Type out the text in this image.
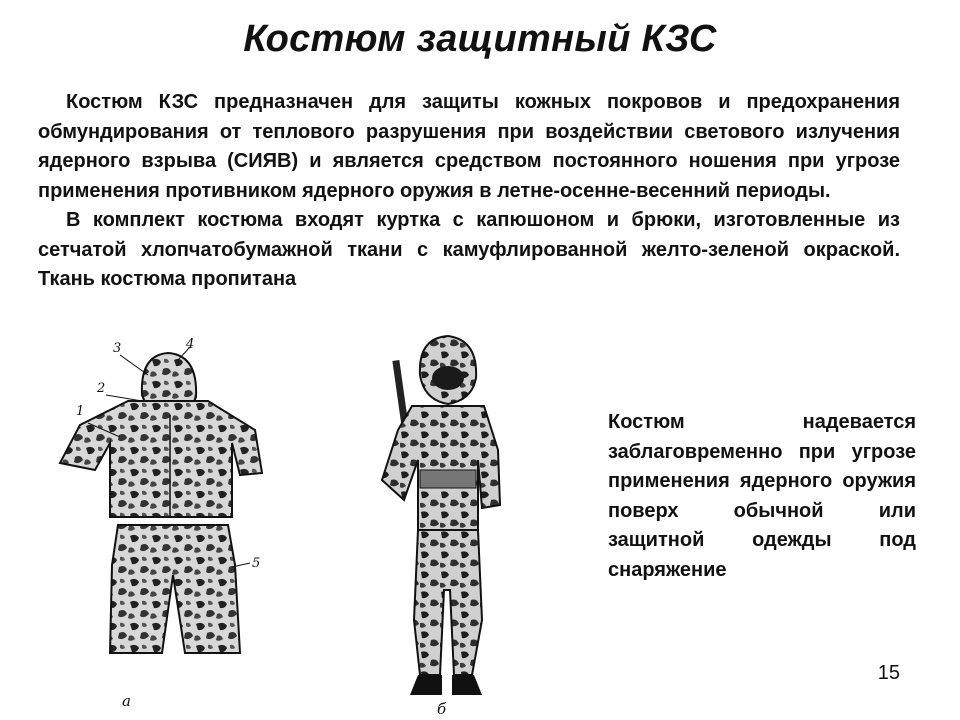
Костюм защитный КЗС

Костюм КЗС предназначен для защиты кожных покровов и предохранения обмундирования от теплового разрушения при воздействии светового излучения ядерного взрыва (СИЯВ) и является средством постоянного ношения при угрозе применения противником ядерного оружия в летне-осенне-весенний периоды.

В комплект костюма входят куртка с капюшоном и брюки, изготовленные из сетчатой хлопчатобумажной ткани с камуфлированной желто-зеленой окраской. Ткань костюма пропитана

1
2
3	4
5
а	б
Костюм надевается заблаговременно при угрозе применения ядерного оружия поверх обычной или защитной одежды под снаряжение
15
